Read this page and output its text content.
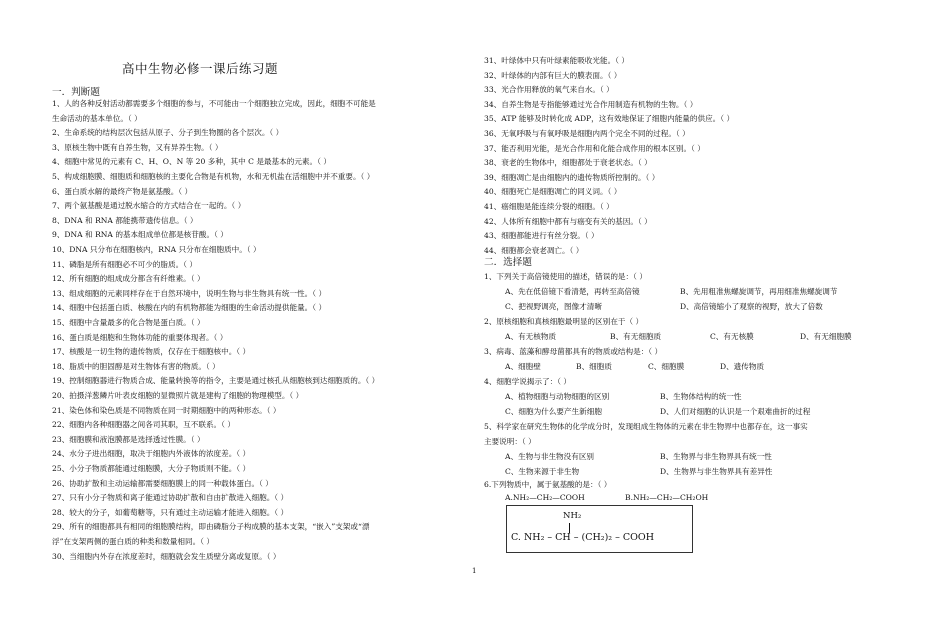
高中生物必修一课后练习题
一．判断题
1、人的各种反射活动都需要多个细胞的参与，不可能由一个细胞独立完成，因此，细胞不可能是
生命活动的基本单位。（ ）
2、生命系统的结构层次包括从原子、分子到生物圈的各个层次。（ ）
3、原核生物中既有自养生物，又有异养生物。（ ）
4、细胞中常见的元素有 C、H、O、N 等 20 多种，其中 C 是最基本的元素。（ ）
5、构成细胞膜、细胞质和细胞核的主要化合物是有机物，水和无机盐在活细胞中并不重要。（ ）
6、蛋白质水解的最终产物是氨基酸。（ ）
7、两个氨基酸是通过脱水缩合的方式结合在一起的。（ ）
8、DNA 和 RNA 都能携带遗传信息。（ ）
9、DNA 和 RNA 的基本组成单位都是核苷酸。（ ）
10、DNA 只分布在细胞核内，RNA 只分布在细胞质中。（ ）
11、磷脂是所有细胞必不可少的脂质。（ ）
12、所有细胞的组成成分都含有纤维素。（ ）
13、组成细胞的元素同样存在于自然环境中，说明生物与非生物具有统一性。（ ）
14、细胞中包括蛋白质、核酸在内的有机物都能为细胞的生命活动提供能量。（ ）
15、细胞中含量最多的化合物是蛋白质。（ ）
16、蛋白质是细胞和生物体功能的重要体现者。（ ）
17、核酸是一切生物的遗传物质，仅存在于细胞核中。（ ）
18、脂质中的胆固醇是对生物体有害的物质。（ ）
19、控制细胞器进行物质合成、能量转换等的指令，主要是通过核孔从细胞核到达细胞质的。（ ）
20、拍摄洋葱鳞片叶表皮细胞的显微照片就是建构了细胞的物理模型。（ ）
21、染色体和染色质是不同物质在同一时期细胞中的两种形态。（ ）
22、细胞内各种细胞器之间各司其职，互不联系。（ ）
23、细胞膜和液泡膜都是选择透过性膜。（ ）
24、水分子进出细胞，取决于细胞内外液体的浓度差。（ ）
25、小分子物质都能通过细胞膜，大分子物质则不能。（ ）
26、协助扩散和主动运输都需要细胞膜上的同一种载体蛋白。（ ）
27、只有小分子物质和离子能通过协助扩散和自由扩散进入细胞。（ ）
28、较大的分子，如葡萄糖等，只有通过主动运输才能进入细胞。（ ）
29、所有的细胞都具有相同的细胞膜结构，即由磷脂分子构成膜的基本支架，“嵌入”支架或“漂
浮”在支架两侧的蛋白质的种类和数量相同。（ ）
30、当细胞内外存在浓度差时，细胞就会发生质壁分离或复原。（ ）
31、叶绿体中只有叶绿素能吸收光能。（ ）
32、叶绿体的内部有巨大的膜表面。（ ）
33、光合作用释放的氧气来自水。（ ）
34、自养生物是专指能够通过光合作用制造有机物的生物。（ ）
35、ATP 能够及时转化成 ADP，这有效地保证了细胞内能量的供应。（ ）
36、无氧呼吸与有氧呼吸是细胞内两个完全不同的过程。（ ）
37、能否利用光能，是光合作用和化能合成作用的根本区别。（ ）
38、衰老的生物体中，细胞都处于衰老状态。（ ）
39、细胞凋亡是由细胞内的遗传物质所控制的。（ ）
40、细胞死亡是细胞凋亡的同义词。（ ）
41、癌细胞是能连续分裂的细胞。（ ）
42、人体所有细胞中都有与癌变有关的基因。（ ）
43、细胞都能进行有丝分裂。（ ）
44、细胞都会衰老凋亡。（ ）
二．选择题
1、下列关于高倍镜使用的描述，错误的是：（ ）
A、先在低倍镜下看清楚，再转至高倍镜	B、先用粗准焦螺旋调节，再用细准焦螺旋调节
C、把视野调亮，图像才清晰	D、高倍镜缩小了观察的视野，放大了倍数
2、原核细胞和真核细胞最明显的区别在于（ ）
A、有无核物质	B、有无细胞质	C、有无核膜	D、有无细胞膜
3、病毒、蓝藻和酵母菌都具有的物质或结构是：（ ）
A、细胞壁	B、细胞质	C、细胞膜	D、遗传物质
4、细胞学说揭示了：（ ）
A、植物细胞与动物细胞的区别	B、生物体结构的统一性
C、细胞为什么要产生新细胞	D、人们对细胞的认识是一个艰难曲折的过程
5、科学家在研究生物体的化学成分时，发现组成生物体的元素在非生物界中也都存在，这一事实
主要说明：（ ）
A、生物与非生物没有区别	B、生物界与非生物界具有统一性
C、生物来源于非生物	D、生物界与非生物界具有差异性
6.下列物质中，属于氨基酸的是：（ ）
A.NH₂—CH₂—COOH	B.NH₂—CH₂—CH₂OH
NH₂
C. NH₂ – CH – (CH₂)₂ – COOH
1
